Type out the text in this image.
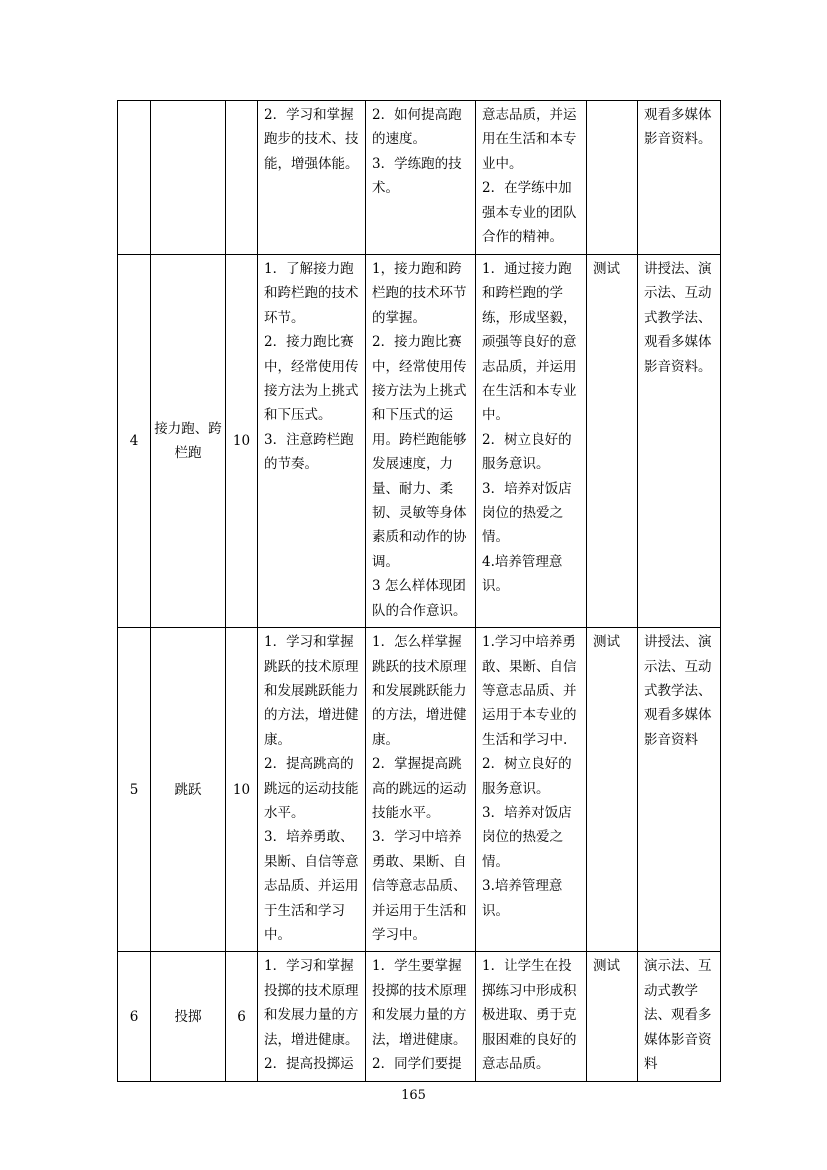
			2．学习和掌握跑步的技术、技能，增强体能。	2．如何提高跑的速度。
3．学练跑的技术。	意志品质，并运用在生活和本专业中。
2．在学练中加强本专业的团队合作的精神。		观看多媒体影音资料。
4	接力跑、跨栏跑	10	1．了解接力跑和跨栏跑的技术环节。
2．接力跑比赛中，经常使用传接方法为上挑式和下压式。
3．注意跨栏跑的节奏。	1，接力跑和跨栏跑的技术环节的掌握。
2．接力跑比赛中，经常使用传接方法为上挑式和下压式的运用。跨栏跑能够发展速度，力量、耐力、柔韧、灵敏等身体素质和动作的协调。
3 怎么样体现团队的合作意识。	1．通过接力跑和跨栏跑的学练，形成坚毅，顽强等良好的意志品质，并运用在生活和本专业中。
2．树立良好的服务意识。
3．培养对饭店岗位的热爱之情。
4.培养管理意识。	测试	讲授法、演示法、互动式教学法、观看多媒体影音资料。
5	跳跃	10	1．学习和掌握跳跃的技术原理和发展跳跃能力的方法，增进健康。
2．提高跳高的跳远的运动技能水平。
3．培养勇敢、果断、自信等意志品质、并运用于生活和学习中。	1．怎么样掌握跳跃的技术原理和发展跳跃能力的方法，增进健康。
2．掌握提高跳高的跳远的运动技能水平。
3．学习中培养勇敢、果断、自信等意志品质、并运用于生活和学习中。	1.学习中培养勇敢、果断、自信等意志品质、并运用于本专业的生活和学习中.
2．树立良好的服务意识。
3．培养对饭店岗位的热爱之情。
3.培养管理意识。	测试	讲授法、演示法、互动式教学法、观看多媒体影音资料
6	投掷	6	1．学习和掌握投掷的技术原理和发展力量的方法，增进健康。
2．提高投掷运	1．学生要掌握投掷的技术原理和发展力量的方法，增进健康。
2．同学们要提	1．让学生在投掷练习中形成积极进取、勇于克服困难的良好的意志品质。	测试	演示法、互动式教学法、观看多媒体影音资料
165
